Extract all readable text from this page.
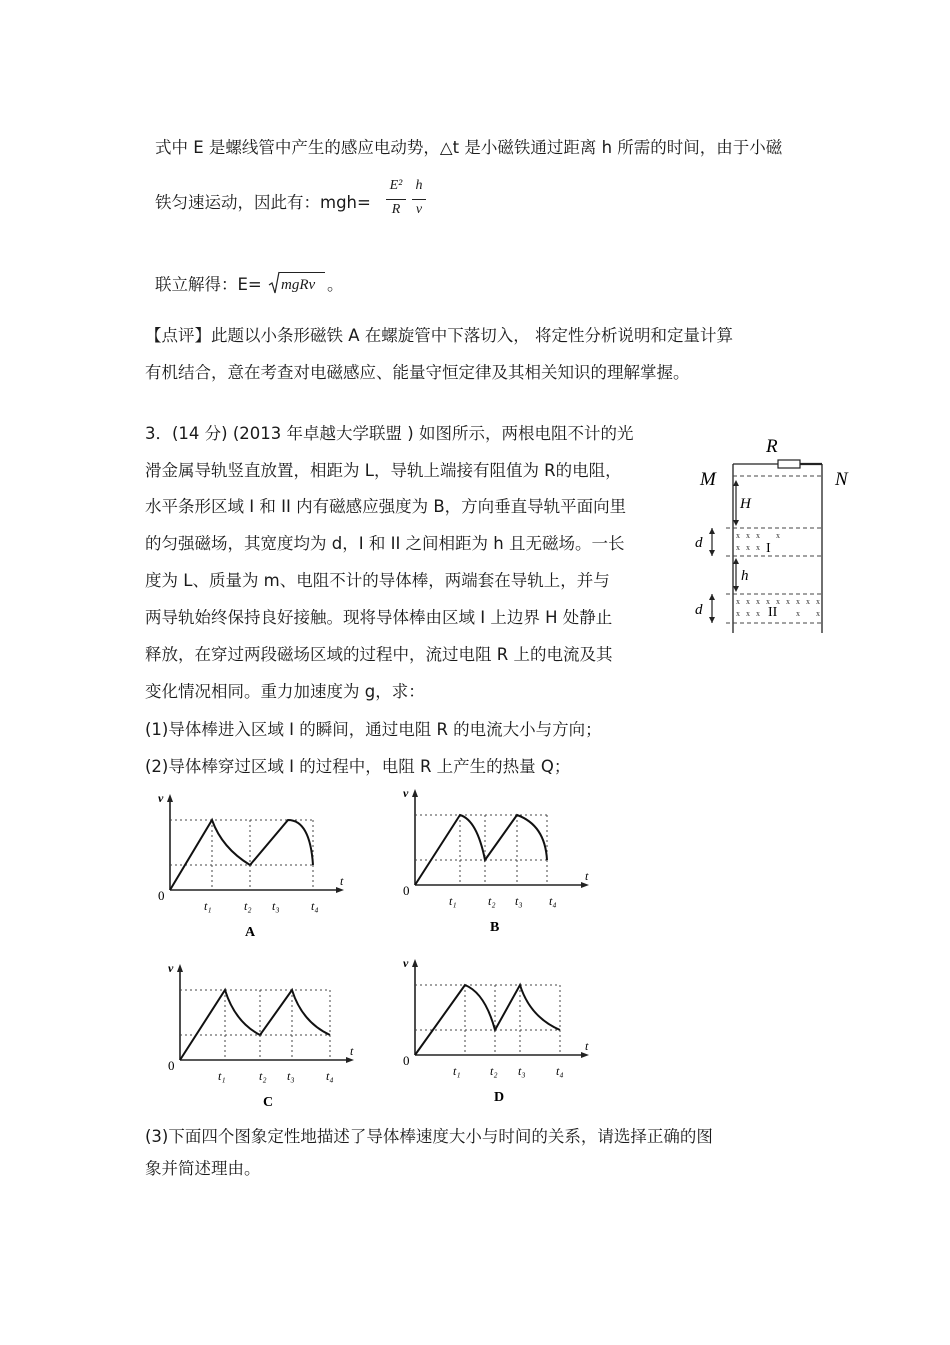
式中 E 是螺线管中产生的感应电动势，△t 是小磁铁通过距离 h 所需的时间，由于小磁
铁匀速运动，因此有：mgh=
E²
R
h
v
联立解得：E= mgRv 。
【点评】此题以小条形磁铁 A 在螺旋管中下落切入， 将定性分析说明和定量计算
有机结合，意在考查对电磁感应、能量守恒定律及其相关知识的理解掌握。
3．(14 分) (2013 年卓越大学联盟 ) 如图所示，两根电阻不计的光
滑金属导轨竖直放置，相距为 L，导轨上端接有阻值为 R的电阻，
水平条形区域 I 和 II 内有磁感应强度为 B，方向垂直导轨平面向里
的匀强磁场，其宽度均为 d，I 和 II 之间相距为 h 且无磁场。一长
度为 L、质量为 m、电阻不计的导体棒，两端套在导轨上，并与
两导轨始终保持良好接触。现将导体棒由区域 I 上边界 H 处静止
释放，在穿过两段磁场区域的过程中，流过电阻 R 上的电流及其
变化情况相同。重力加速度为 g，求：
(1)导体棒进入区域 I 的瞬间，通过电阻 R 的电流大小与方向；
(2)导体棒穿过区域 I 的过程中，电阻 R 上产生的热量 Q；
R
M	N
H
d	x x x x
x x x I
h
d
x x x x x x x x x
x x x	x x
II
v
t
0
t₁	t₂ t₃	t₄
A
v
t
0
t₁	t₂ t₃ t₄
B
v
t
0
t₁	t₂ t₃	t₄
C
v
t
0
t₁ t₂ t₃	t₄
D
(3)下面四个图象定性地描述了导体棒速度大小与时间的关系，请选择正确的图
象并简述理由。
